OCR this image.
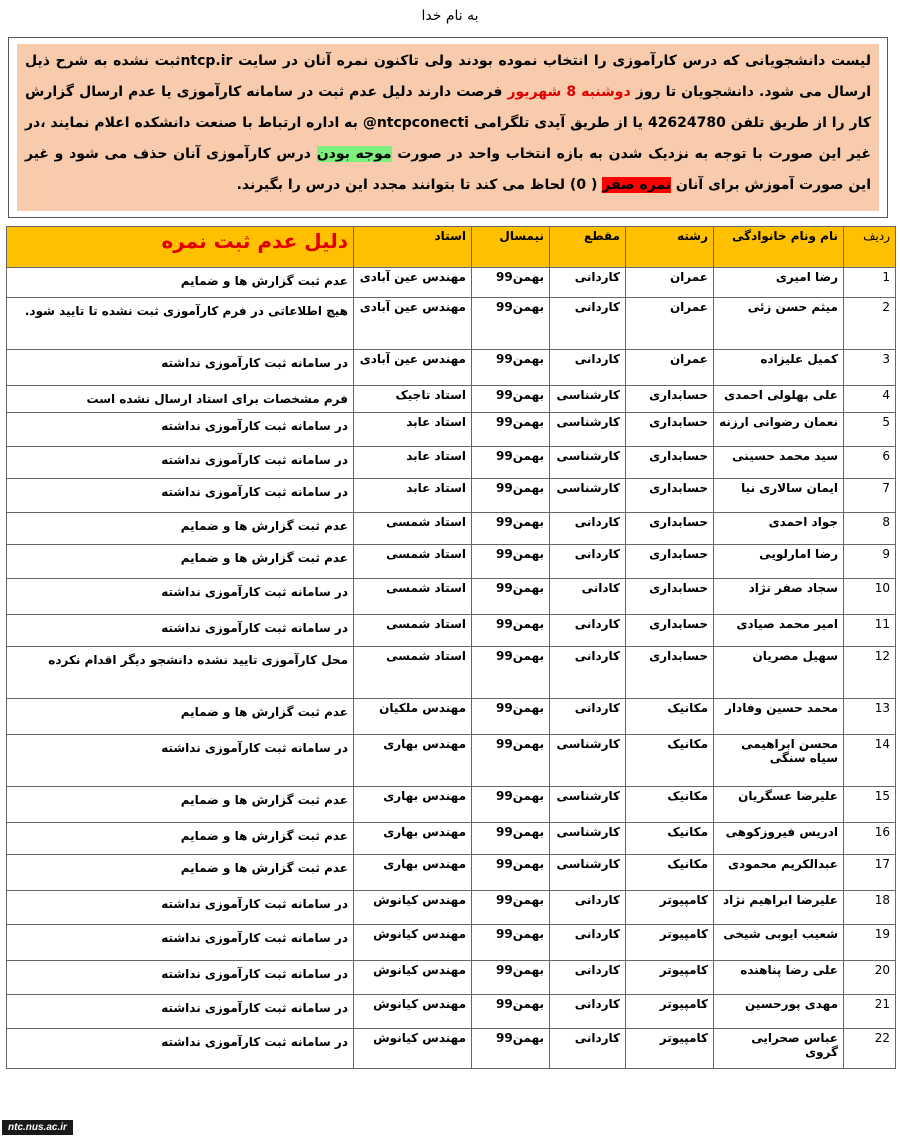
به نام خدا
لیست دانشجویانی که درس کارآموزی را انتخاب نموده بودند ولی تاکنون نمره آنان در سایت ntcp.irثبت نشده به شرح ذیل ارسال می شود. دانشجویان تا روز دوشنبه 8 شهریور فرصت دارند دلیل عدم ثبت در سامانه کارآموزی یا عدم ارسال گزارش کار را از طریق تلفن 42624780 یا از طریق آیدی تلگرامی @ntcpconecti به اداره ارتباط با صنعت دانشکده اعلام نمایند ،در غیر این صورت با توجه به نزدیک شدن به بازه انتخاب واحد در صورت موجه بودن درس کارآموزی آنان حذف می شود و غیر این صورت آموزش برای آنان نمره صفر ( 0) لحاظ می کند تا بتوانند مجدد این درس را بگیرند.
ردیف	نام ونام خانوادگی	رشته	مقطع	نیمسال	استاد	دلیل عدم ثبت نمره
1	رضا امیری	عمران	کاردانی	بهمن99	مهندس عین آبادی	عدم ثبت گزارش ها و ضمایم
2	میثم حسن زئی	عمران	کاردانی	بهمن99	مهندس عین آبادی	هیچ اطلاعاتی در فرم کارآموزی ثبت نشده تا تایید شود.
3	کمیل علیزاده	عمران	کاردانی	بهمن99	مهندس عین آبادی	در سامانه ثبت کارآموزی نداشته
4	علی بهلولی احمدی	حسابداری	کارشناسی	بهمن99	استاد تاجیک	فرم مشخصات برای استاد ارسال نشده است
5	نعمان رضوانی ارزنه	حسابداری	کارشناسی	بهمن99	استاد عابد	در سامانه ثبت کارآموزی نداشته
6	سید محمد حسینی	حسابداری	کارشناسی	بهمن99	استاد عابد	در سامانه ثبت کارآموزی نداشته
7	ایمان سالاری نیا	حسابداری	کارشناسی	بهمن99	استاد عابد	در سامانه ثبت کارآموزی نداشته
8	جواد احمدی	حسابداری	کاردانی	بهمن99	استاد شمسی	عدم ثبت گزارش ها و ضمایم
9	رضا امارلویی	حسابداری	کاردانی	بهمن99	استاد شمسی	عدم ثبت گزارش ها و ضمایم
10	سجاد صفر نژاد	حسابداری	کادانی	بهمن99	استاد شمسی	در سامانه ثبت کارآموزی نداشته
11	امیر محمد صیادی	حسابداری	کاردانی	بهمن99	استاد شمسی	در سامانه ثبت کارآموزی نداشته
12	سهیل مصریان	حسابداری	کاردانی	بهمن99	استاد شمسی	محل کارآموزی تایید نشده دانشجو دیگر اقدام نکرده
13	محمد حسین وفادار	مکانیک	کاردانی	بهمن99	مهندس ملکیان	عدم ثبت گزارش ها و ضمایم
14	محسن ابراهیمی سیاه سنگی	مکانیک	کارشناسی	بهمن99	مهندس بهاری	در سامانه ثبت کارآموزی نداشته
15	علیرضا عسگریان	مکانیک	کارشناسی	بهمن99	مهندس بهاری	عدم ثبت گزارش ها و ضمایم
16	ادریس فیروزکوهی	مکانیک	کارشناسی	بهمن99	مهندس بهاری	عدم ثبت گزارش ها و ضمایم
17	عبدالکریم محمودی	مکانیک	کارشناسی	بهمن99	مهندس بهاری	عدم ثبت گزارش ها و ضمایم
18	علیرضا ابراهیم نژاد	کامپیوتر	کاردانی	بهمن99	مهندس کیانوش	در سامانه ثبت کارآموزی نداشته
19	شعیب ایوبی شیخی	کامپیوتر	کاردانی	بهمن99	مهندس کیانوش	در سامانه ثبت کارآموزی نداشته
20	علی رضا پناهنده	کامپیوتر	کاردانی	بهمن99	مهندس کیانوش	در سامانه ثبت کارآموزی نداشته
21	مهدی پورحسین	کامپیوتر	کاردانی	بهمن99	مهندس کیانوش	در سامانه ثبت کارآموزی نداشته
22	عباس صحرایی گروی	کامپیوتر	کاردانی	بهمن99	مهندس کیانوش	در سامانه ثبت کارآموزی نداشته
ntc.nus.ac.ir
